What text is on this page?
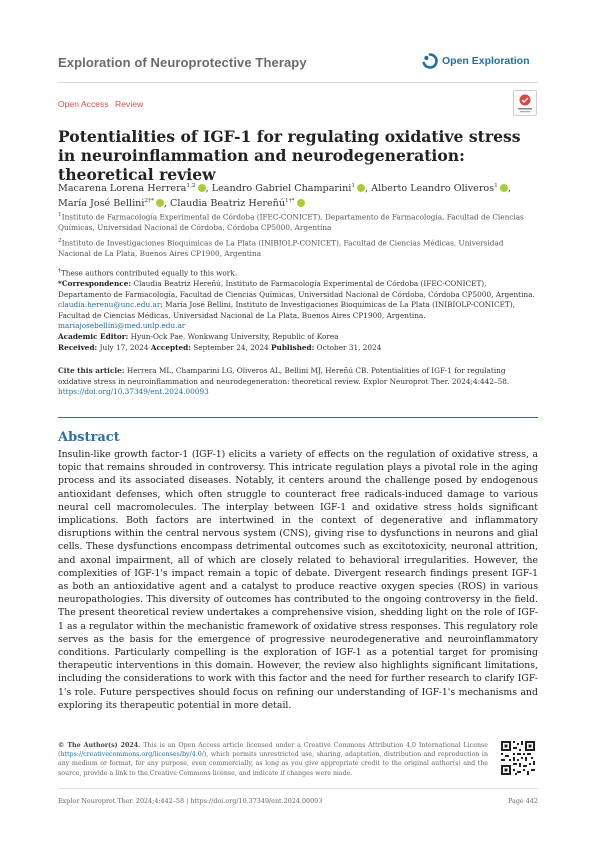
Exploration of Neuroprotective Therapy	Open Exploration
Open Access Review
Potentialities of IGF-1 for regulating oxidative stress in neuroinflammation and neurodegeneration: theoretical review
Macarena Lorena Herrera$^{1,2}$ , Leandro Gabriel Champarini$^1$ , Alberto Leandro Oliveros$^1$ , María José Bellini$^{2\dagger*}$ , Claudia Beatriz Hereñú$^{1\dagger*}$
$^1$Instituto de Farmacología Experimental de Córdoba (IFEC-CONICET), Departamento de Farmacología, Facultad de Ciencias Químicas, Universidad Nacional de Córdoba, Córdoba CP5000, Argentina
$^2$Instituto de Investigaciones Bioquímicas de La Plata (INIBIOLP-CONICET), Facultad de Ciencias Médicas, Universidad Nacional de La Plata, Buenos Aires CP1900, Argentina
†These authors contributed equally to this work.
*Correspondence: Claudia Beatriz Hereñú, Instituto de Farmacología Experimental de Córdoba (IFEC-CONICET), Departamento de Farmacología, Facultad de Ciencias Químicas, Universidad Nacional de Córdoba, Córdoba CP5000, Argentina. claudia.herenu@unc.edu.ar; María José Bellini, Instituto de Investigaciones Bioquímicas de La Plata (INIBIOLP-CONICET), Facultad de Ciencias Médicas, Universidad Nacional de La Plata, Buenos Aires CP1900, Argentina. mariajosebellini@med.unlp.edu.ar
Academic Editor: Hyun-Ock Pae, Wonkwang University, Republic of Korea
Received: July 17, 2024 Accepted: September 24, 2024 Published: October 31, 2024
Cite this article: Herrera ML, Champarini LG, Oliveros AL, Bellini MJ, Hereñú CB. Potentialities of IGF-1 for regulating oxidative stress in neuroinflammation and neurodegeneration: theoretical review. Explor Neuroprot Ther. 2024;4:442–58. https://doi.org/10.37349/ent.2024.00093
Abstract
Insulin-like growth factor-1 (IGF-1) elicits a variety of effects on the regulation of oxidative stress, a topic that remains shrouded in controversy. This intricate regulation plays a pivotal role in the aging process and its associated diseases. Notably, it centers around the challenge posed by endogenous antioxidant defenses, which often struggle to counteract free radicals-induced damage to various neural cell macromolecules. The interplay between IGF-1 and oxidative stress holds significant implications. Both factors are intertwined in the context of degenerative and inflammatory disruptions within the central nervous system (CNS), giving rise to dysfunctions in neurons and glial cells. These dysfunctions encompass detrimental outcomes such as excitotoxicity, neuronal attrition, and axonal impairment, all of which are closely related to behavioral irregularities. However, the complexities of IGF-1's impact remain a topic of debate. Divergent research findings present IGF-1 as both an antioxidative agent and a catalyst to produce reactive oxygen species (ROS) in various neuropathologies. This diversity of outcomes has contributed to the ongoing controversy in the field. The present theoretical review undertakes a comprehensive vision, shedding light on the role of IGF-1 as a regulator within the mechanistic framework of oxidative stress responses. This regulatory role serves as the basis for the emergence of progressive neurodegenerative and neuroinflammatory conditions. Particularly compelling is the exploration of IGF-1 as a potential target for promising therapeutic interventions in this domain. However, the review also highlights significant limitations, including the considerations to work with this factor and the need for further research to clarify IGF-1's role. Future perspectives should focus on refining our understanding of IGF-1's mechanisms and exploring its therapeutic potential in more detail.
© The Author(s) 2024. This is an Open Access article licensed under a Creative Commons Attribution 4.0 International License (https://creativecommons.org/licenses/by/4.0/), which permits unrestricted use, sharing, adaptation, distribution and reproduction in any medium or format, for any purpose, even commercially, as long as you give appropriate credit to the original author(s) and the source, provide a link to the Creative Commons license, and indicate if changes were made.
Explor Neuroprot Ther. 2024;4:442–58 | https://doi.org/10.37349/ent.2024.00093	Page 442
